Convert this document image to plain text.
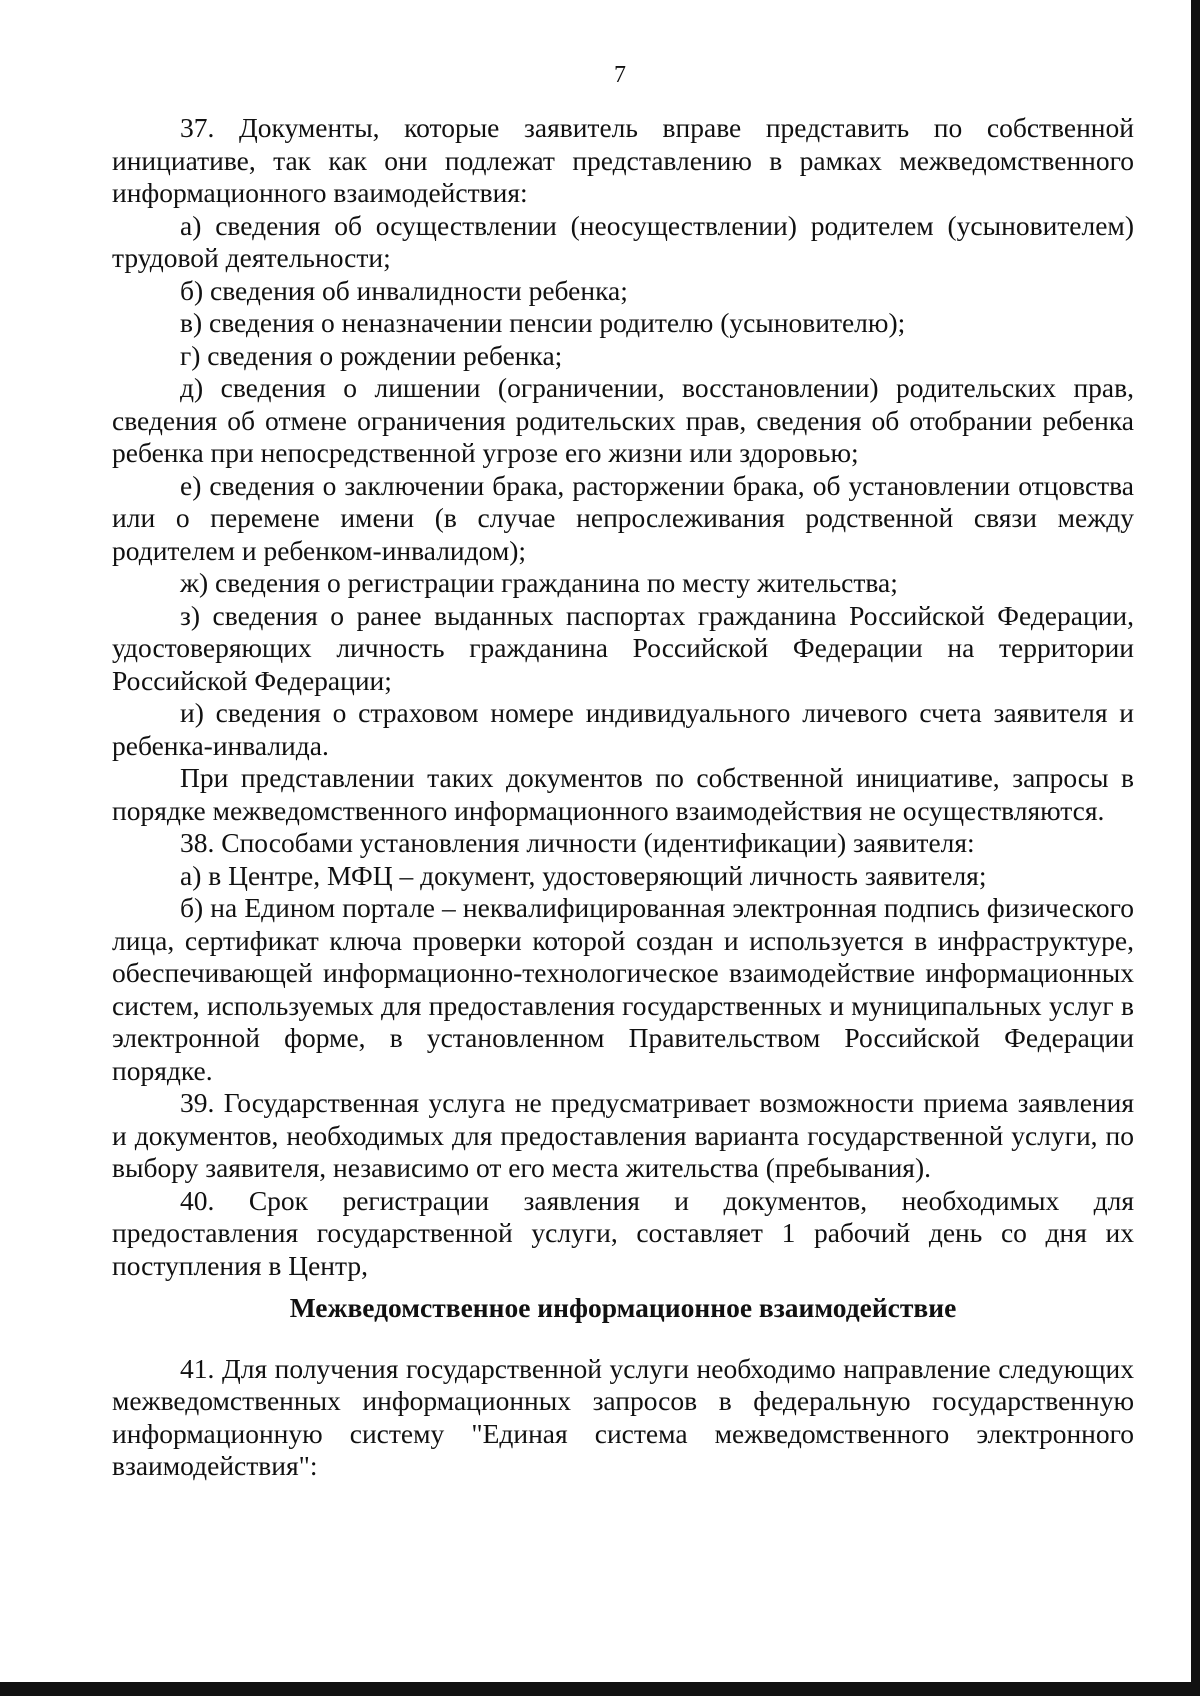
7

37. Документы, которые заявитель вправе представить по собственной инициативе, так как они подлежат представлению в рамках межведомственного информационного взаимодействия:

а) сведения об осуществлении (неосуществлении) родителем (усыновителем) трудовой деятельности;

б) сведения об инвалидности ребенка;

в) сведения о неназначении пенсии родителю (усыновителю);

г) сведения о рождении ребенка;

д) сведения о лишении (ограничении, восстановлении) родительских прав, сведения об отмене ограничения родительских прав, сведения об отобрании ребенка ребенка при непосредственной угрозе его жизни или здоровью;

е) сведения о заключении брака, расторжении брака, об установлении отцовства или о перемене имени (в случае непрослеживания родственной связи между родителем и ребенком-инвалидом);

ж) сведения о регистрации гражданина по месту жительства;

з) сведения о ранее выданных паспортах гражданина Российской Федерации, удостоверяющих личность гражданина Российской Федерации на территории Российской Федерации;

и) сведения о страховом номере индивидуального личевого счета заявителя и ребенка-инвалида.

При представлении таких документов по собственной инициативе, запросы в порядке межведомственного информационного взаимодействия не осуществляются.

38. Способами установления личности (идентификации) заявителя:

а) в Центре, МФЦ – документ, удостоверяющий личность заявителя;

б) на Едином портале – неквалифицированная электронная подпись физического лица, сертификат ключа проверки которой создан и используется в инфраструктуре, обеспечивающей информационно-технологическое взаимодействие информационных систем, используемых для предоставления государственных и муниципальных услуг в электронной форме, в установленном Правительством Российской Федерации порядке.

39. Государственная услуга не предусматривает возможности приема заявления и документов, необходимых для предоставления варианта государственной услуги, по выбору заявителя, независимо от его места жительства (пребывания).

40. Срок регистрации заявления и документов, необходимых для предоставления государственной услуги, составляет 1 рабочий день со дня их поступления в Центр,

Межведомственное информационное взаимодействие

41. Для получения государственной услуги необходимо направление следующих межведомственных информационных запросов в федеральную государственную информационную систему "Единая система межведомственного электронного взаимодействия":
